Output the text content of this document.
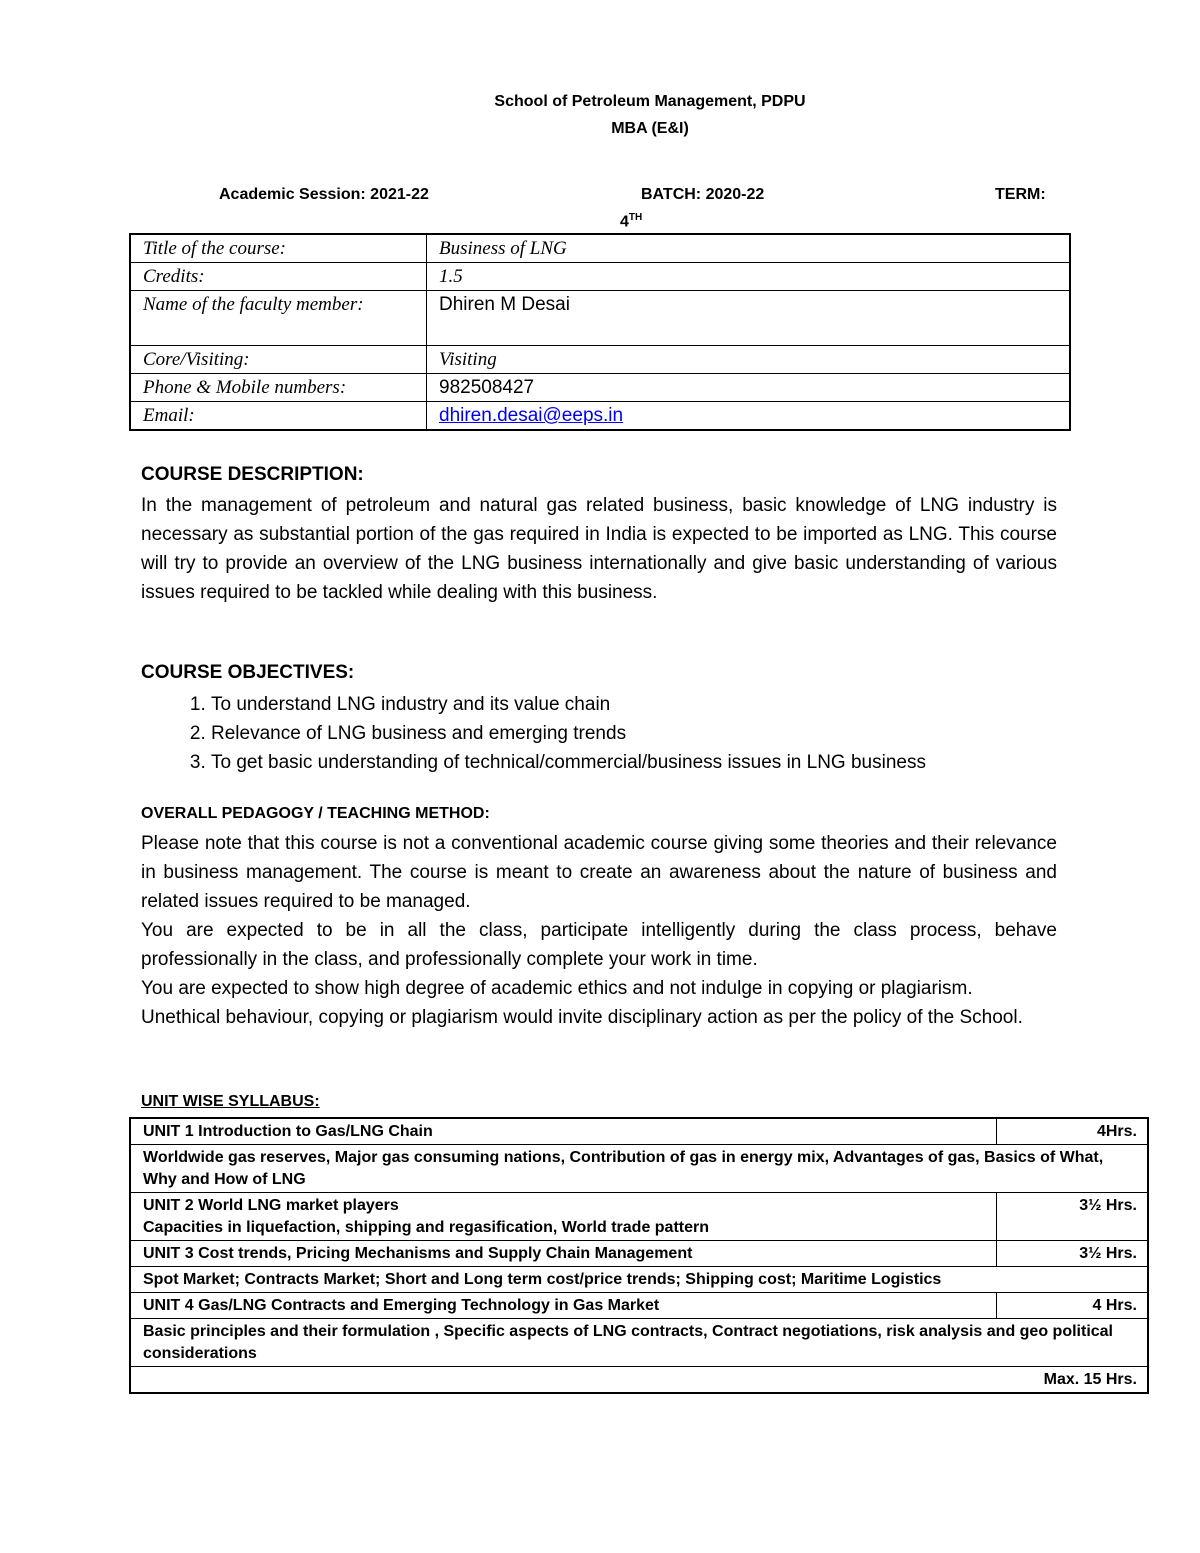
School of Petroleum Management, PDPU
MBA (E&I)
Academic Session: 2021-22	BATCH: 2020-22	TERM:
4TH
Title of the course:	Business of LNG
Credits:	1.5
Name of the faculty member:	Dhiren M Desai
Core/Visiting:	Visiting
Phone & Mobile numbers:	982508427
Email:	dhiren.desai@eeps.in
COURSE DESCRIPTION:
In the management of petroleum and natural gas related business, basic knowledge of LNG industry is necessary as substantial portion of the gas required in India is expected to be imported as LNG. This course will try to provide an overview of the LNG business internationally and give basic understanding of various issues required to be tackled while dealing with this business.
COURSE OBJECTIVES:
1. To understand LNG industry and its value chain
2. Relevance of LNG business and emerging trends
3. To get basic understanding of technical/commercial/business issues in LNG business
OVERALL PEDAGOGY / TEACHING METHOD:
Please note that this course is not a conventional academic course giving some theories and their relevance in business management. The course is meant to create an awareness about the nature of business and related issues required to be managed.
You are expected to be in all the class, participate intelligently during the class process, behave professionally in the class, and professionally complete your work in time.
You are expected to show high degree of academic ethics and not indulge in copying or plagiarism. Unethical behaviour, copying or plagiarism would invite disciplinary action as per the policy of the School.
UNIT WISE SYLLABUS:
UNIT 1 Introduction to Gas/LNG Chain	4Hrs.
Worldwide gas reserves, Major gas consuming nations, Contribution of gas in energy mix, Advantages of gas, Basics of What, Why and How of LNG	

UNIT 2 World LNG market players
Capacities in liquefaction, shipping and regasification, World trade pattern	3½ Hrs.
UNIT 3 Cost trends, Pricing Mechanisms and Supply Chain Management	3½ Hrs.
Spot Market; Contracts Market; Short and Long term cost/price trends; Shipping cost; Maritime Logistics	
UNIT 4 Gas/LNG Contracts and Emerging Technology in Gas Market	4 Hrs.
Basic principles and their formulation , Specific aspects of LNG contracts, Contract negotiations, risk analysis and geo political considerations	
Max. 15 Hrs.	
